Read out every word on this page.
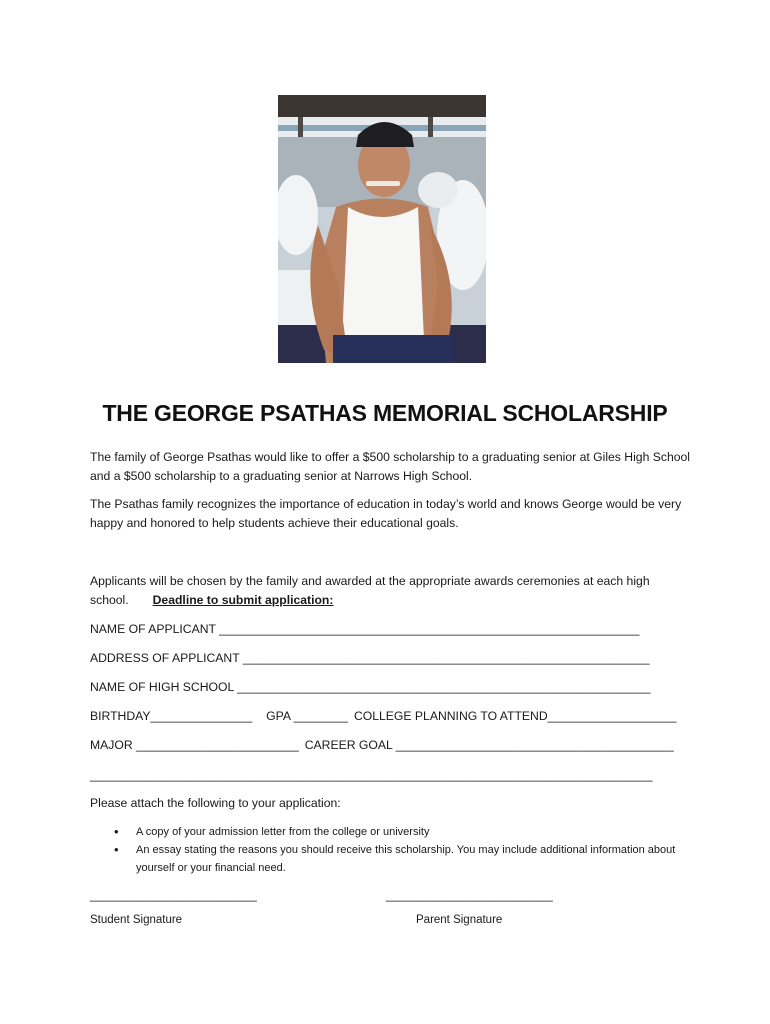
THE GEORGE PSATHAS MEMORIAL SCHOLARSHIP
The family of George Psathas would like to offer a $500 scholarship to a graduating senior at Giles High School and a $500 scholarship to a graduating senior at Narrows High School.
The Psathas family recognizes the importance of education in today’s world and knows George would be very happy and honored to help students achieve their educational goals.
Applicants will be chosen by the family and awarded at the appropriate awards ceremonies at each high school. Deadline to submit application:
NAME OF APPLICANT ______________________________________________________________
ADDRESS OF APPLICANT ____________________________________________________________
NAME OF HIGH SCHOOL _____________________________________________________________
BIRTHDAY_______________ GPA ________ COLLEGE PLANNING TO ATTEND___________________
MAJOR ________________________ CAREER GOAL _________________________________________
___________________________________________________________________________________
Please attach the following to your application:
• A copy of your admission letter from the college or university
• An essay stating the reasons you should receive this scholarship. You may include additional information about yourself or your financial need.
_________________________	_________________________
Student Signature	Parent Signature
